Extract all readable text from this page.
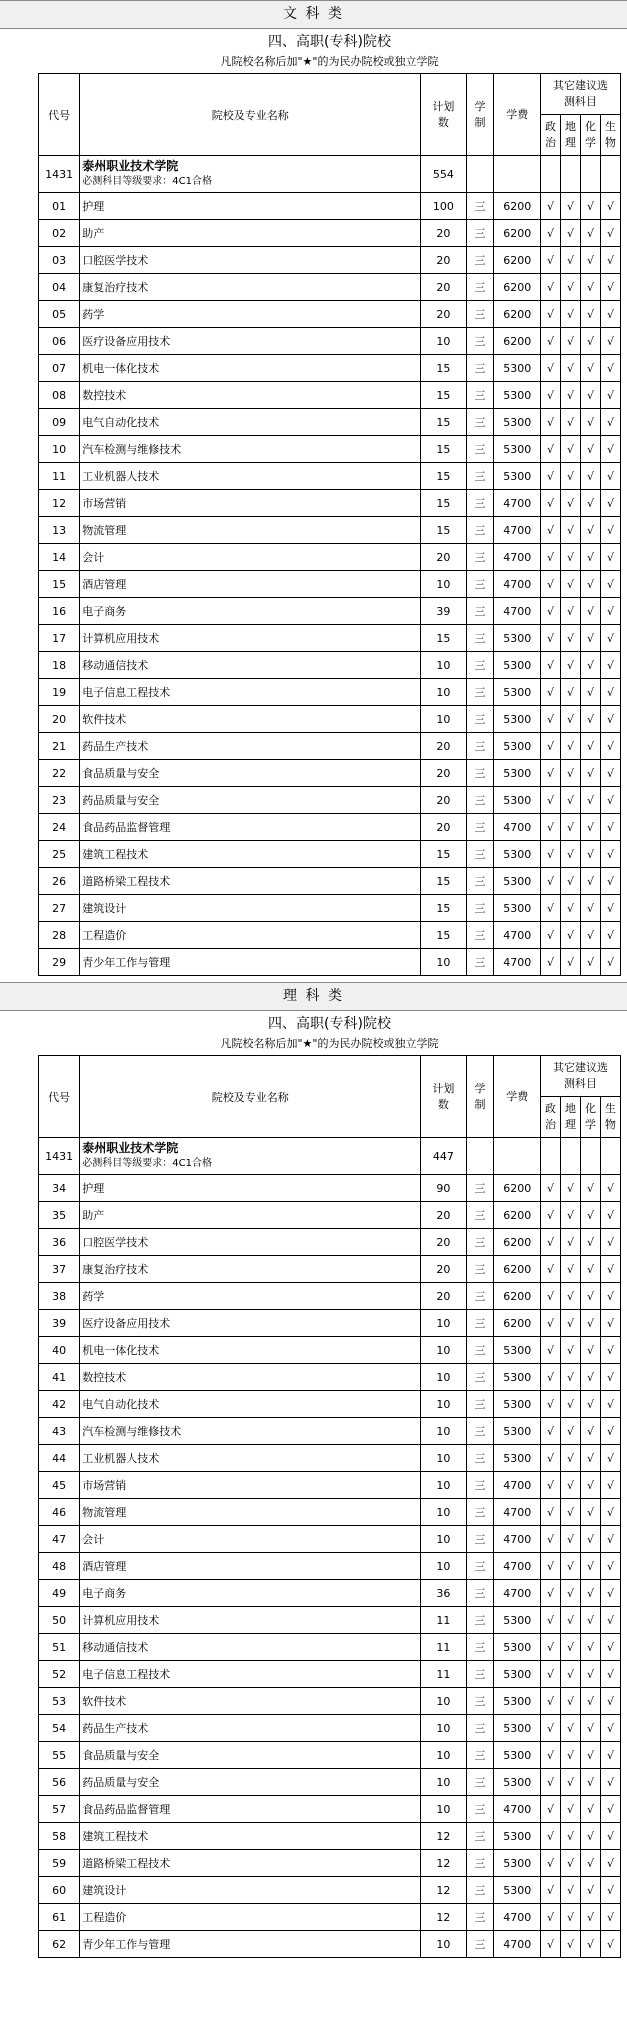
文 科 类
四、高职(专科)院校
凡院校名称后加"★"的为民办院校或独立学院
代号	院校及专业名称	计划数	学制	学费	其它建议选测科目			
					政治	地理	化学	生物
1431	泰州职业技术学院
必测科目等级要求：4C1合格	554						
01	护理	100	三	6200	√	√	√	√
02	助产	20	三	6200	√	√	√	√
03	口腔医学技术	20	三	6200	√	√	√	√
04	康复治疗技术	20	三	6200	√	√	√	√
05	药学	20	三	6200	√	√	√	√
06	医疗设备应用技术	10	三	6200	√	√	√	√
07	机电一体化技术	15	三	5300	√	√	√	√
08	数控技术	15	三	5300	√	√	√	√
09	电气自动化技术	15	三	5300	√	√	√	√
10	汽车检测与维修技术	15	三	5300	√	√	√	√
11	工业机器人技术	15	三	5300	√	√	√	√
12	市场营销	15	三	4700	√	√	√	√
13	物流管理	15	三	4700	√	√	√	√
14	会计	20	三	4700	√	√	√	√
15	酒店管理	10	三	4700	√	√	√	√
16	电子商务	39	三	4700	√	√	√	√
17	计算机应用技术	15	三	5300	√	√	√	√
18	移动通信技术	10	三	5300	√	√	√	√
19	电子信息工程技术	10	三	5300	√	√	√	√
20	软件技术	10	三	5300	√	√	√	√
21	药品生产技术	20	三	5300	√	√	√	√
22	食品质量与安全	20	三	5300	√	√	√	√
23	药品质量与安全	20	三	5300	√	√	√	√
24	食品药品监督管理	20	三	4700	√	√	√	√
25	建筑工程技术	15	三	5300	√	√	√	√
26	道路桥梁工程技术	15	三	5300	√	√	√	√
27	建筑设计	15	三	5300	√	√	√	√
28	工程造价	15	三	4700	√	√	√	√
29	青少年工作与管理	10	三	4700	√	√	√	√
理 科 类
四、高职(专科)院校
凡院校名称后加"★"的为民办院校或独立学院
代号	院校及专业名称	计划数	学制	学费	其它建议选测科目			
					政治	地理	化学	生物
1431	泰州职业技术学院
必测科目等级要求：4C1合格	447						
34	护理	90	三	6200	√	√	√	√
35	助产	20	三	6200	√	√	√	√
36	口腔医学技术	20	三	6200	√	√	√	√
37	康复治疗技术	20	三	6200	√	√	√	√
38	药学	20	三	6200	√	√	√	√
39	医疗设备应用技术	10	三	6200	√	√	√	√
40	机电一体化技术	10	三	5300	√	√	√	√
41	数控技术	10	三	5300	√	√	√	√
42	电气自动化技术	10	三	5300	√	√	√	√
43	汽车检测与维修技术	10	三	5300	√	√	√	√
44	工业机器人技术	10	三	5300	√	√	√	√
45	市场营销	10	三	4700	√	√	√	√
46	物流管理	10	三	4700	√	√	√	√
47	会计	10	三	4700	√	√	√	√
48	酒店管理	10	三	4700	√	√	√	√
49	电子商务	36	三	4700	√	√	√	√
50	计算机应用技术	11	三	5300	√	√	√	√
51	移动通信技术	11	三	5300	√	√	√	√
52	电子信息工程技术	11	三	5300	√	√	√	√
53	软件技术	10	三	5300	√	√	√	√
54	药品生产技术	10	三	5300	√	√	√	√
55	食品质量与安全	10	三	5300	√	√	√	√
56	药品质量与安全	10	三	5300	√	√	√	√
57	食品药品监督管理	10	三	4700	√	√	√	√
58	建筑工程技术	12	三	5300	√	√	√	√
59	道路桥梁工程技术	12	三	5300	√	√	√	√
60	建筑设计	12	三	5300	√	√	√	√
61	工程造价	12	三	4700	√	√	√	√
62	青少年工作与管理	10	三	4700	√	√	√	√
